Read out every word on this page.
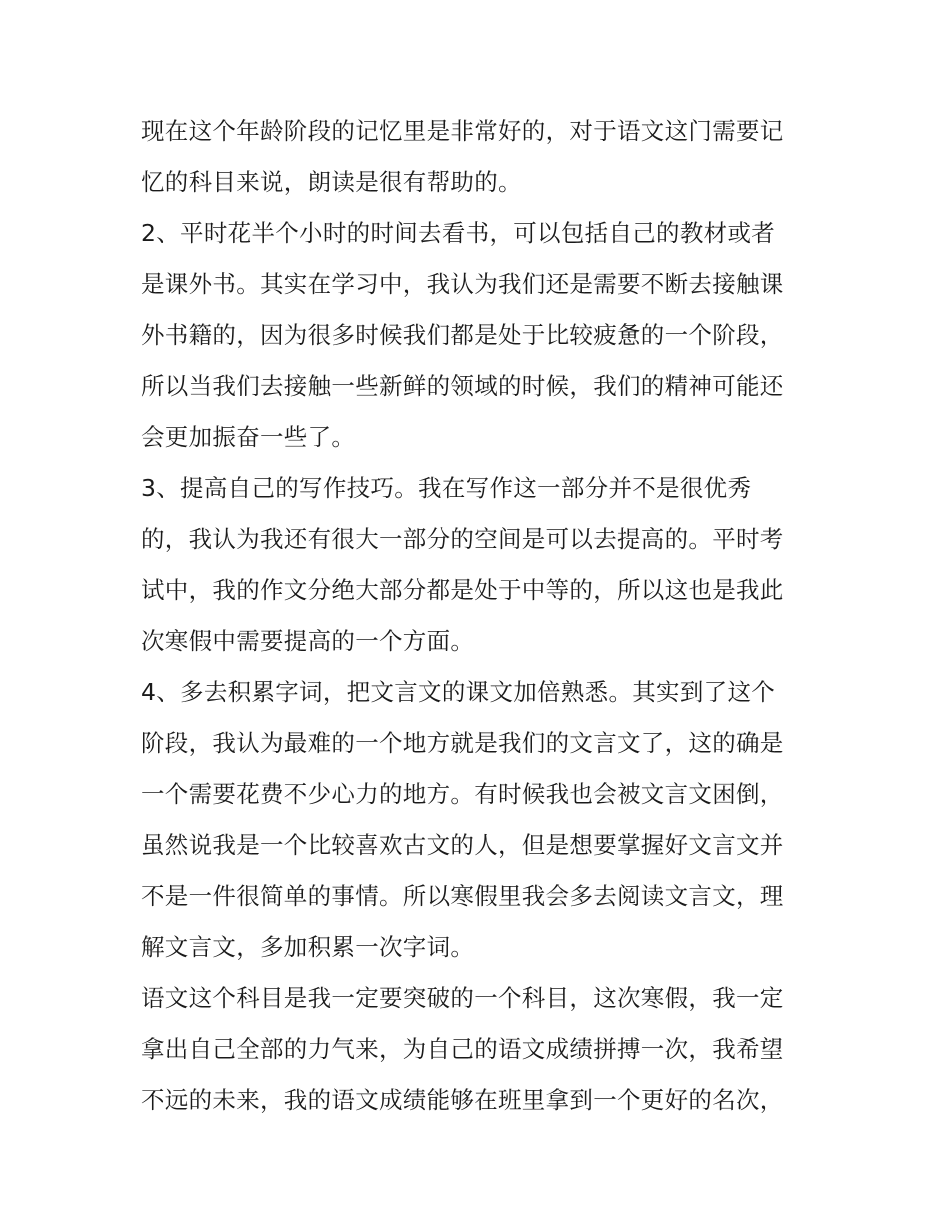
现在这个年龄阶段的记忆里是非常好的，对于语文这门需要记
忆的科目来说，朗读是很有帮助的。
2、平时花半个小时的时间去看书，可以包括自己的教材或者
是课外书。其实在学习中，我认为我们还是需要不断去接触课
外书籍的，因为很多时候我们都是处于比较疲惫的一个阶段，
所以当我们去接触一些新鲜的领域的时候，我们的精神可能还
会更加振奋一些了。
3、提高自己的写作技巧。我在写作这一部分并不是很优秀
的，我认为我还有很大一部分的空间是可以去提高的。平时考
试中，我的作文分绝大部分都是处于中等的，所以这也是我此
次寒假中需要提高的一个方面。
4、多去积累字词，把文言文的课文加倍熟悉。其实到了这个
阶段，我认为最难的一个地方就是我们的文言文了，这的确是
一个需要花费不少心力的地方。有时候我也会被文言文困倒，
虽然说我是一个比较喜欢古文的人，但是想要掌握好文言文并
不是一件很简单的事情。所以寒假里我会多去阅读文言文，理
解文言文，多加积累一次字词。
语文这个科目是我一定要突破的一个科目，这次寒假，我一定
拿出自己全部的力气来，为自己的语文成绩拼搏一次，我希望
不远的未来，我的语文成绩能够在班里拿到一个更好的名次，
